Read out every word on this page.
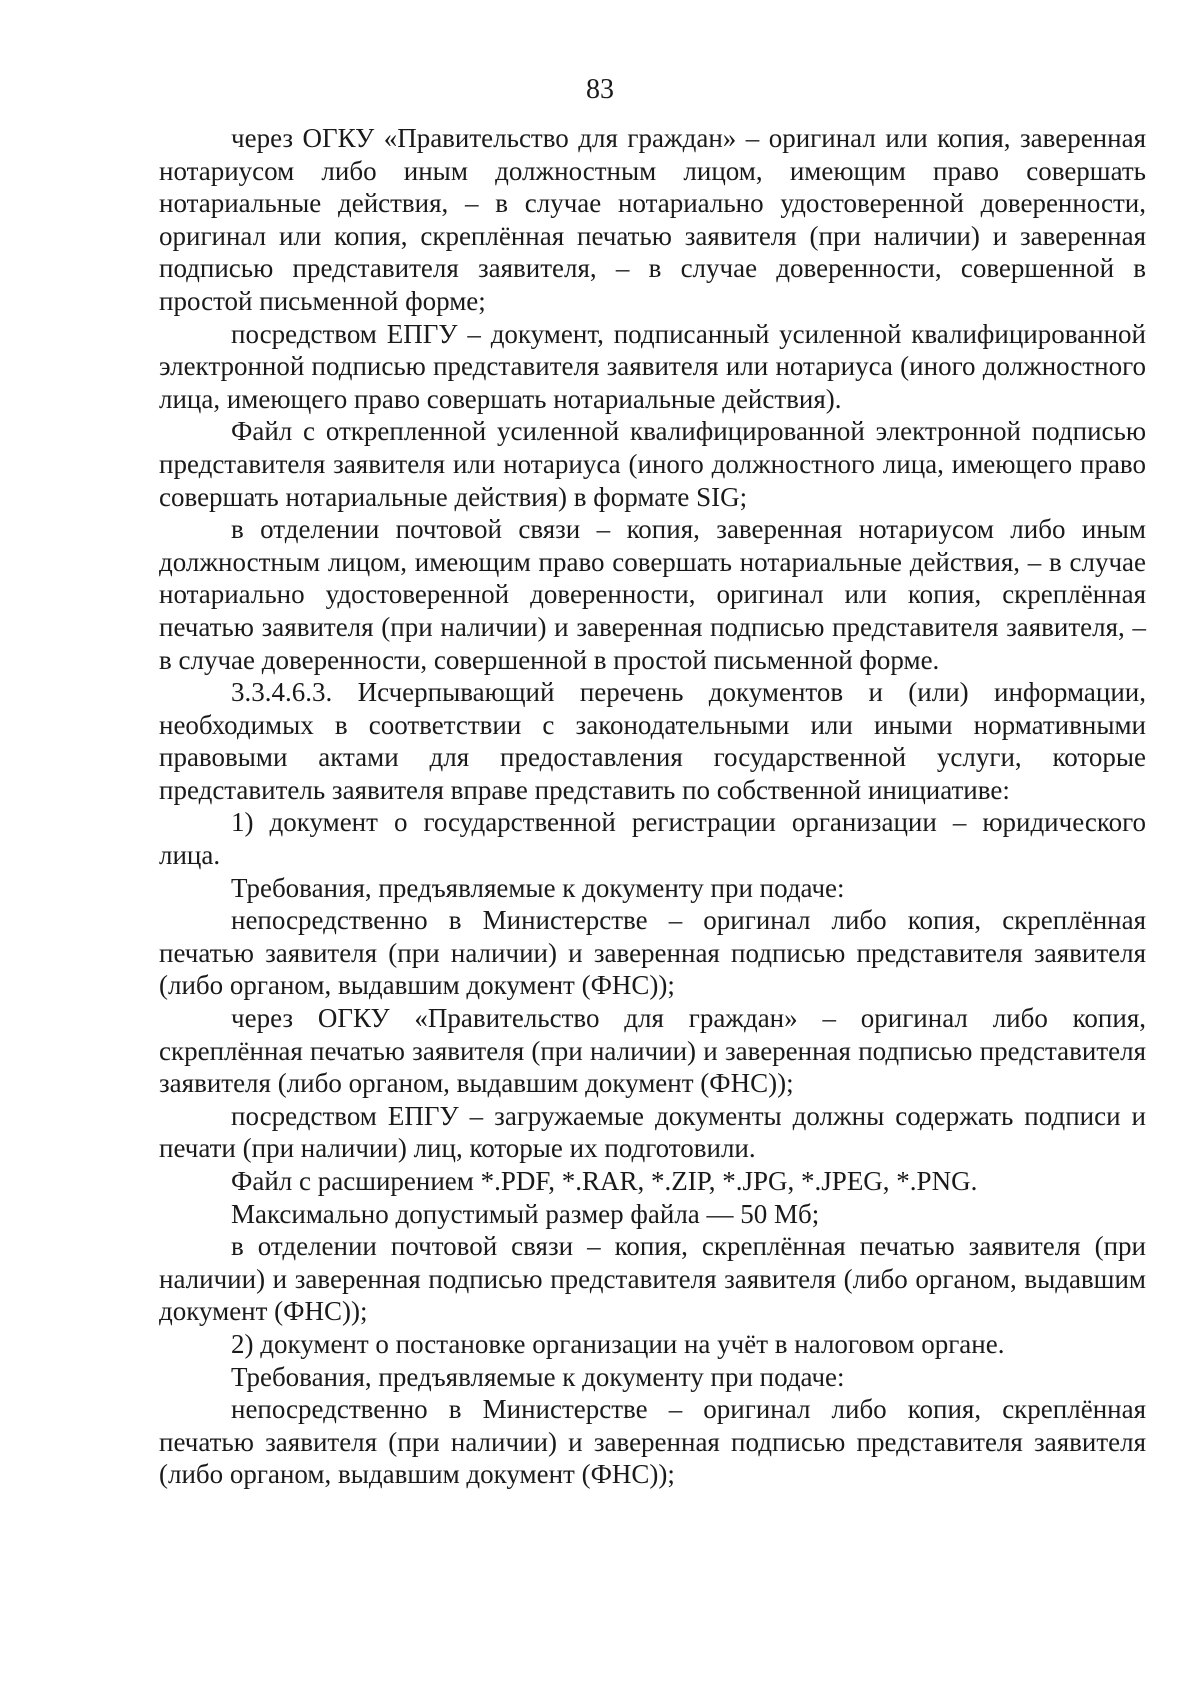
83

через ОГКУ «Правительство для граждан» – оригинал или копия, заверенная нотариусом либо иным должностным лицом, имеющим право совершать нотариальные действия, – в случае нотариально удостоверенной доверенности, оригинал или копия, скреплённая печатью заявителя (при наличии) и заверенная подписью представителя заявителя, – в случае доверенности, совершенной в простой письменной форме;

посредством ЕПГУ – документ, подписанный усиленной квалифицированной электронной подписью представителя заявителя или нотариуса (иного должностного лица, имеющего право совершать нотариальные действия).

Файл с открепленной усиленной квалифицированной электронной подписью представителя заявителя или нотариуса (иного должностного лица, имеющего право совершать нотариальные действия) в формате SIG;

в отделении почтовой связи – копия, заверенная нотариусом либо иным должностным лицом, имеющим право совершать нотариальные действия, – в случае нотариально удостоверенной доверенности, оригинал или копия, скреплённая печатью заявителя (при наличии) и заверенная подписью представителя заявителя, – в случае доверенности, совершенной в простой письменной форме.

3.3.4.6.3. Исчерпывающий перечень документов и (или) информации, необходимых в соответствии с законодательными или иными нормативными правовыми актами для предоставления государственной услуги, которые представитель заявителя вправе представить по собственной инициативе:

1) документ о государственной регистрации организации – юридического лица.

Требования, предъявляемые к документу при подаче:

непосредственно в Министерстве – оригинал либо копия, скреплённая печатью заявителя (при наличии) и заверенная подписью представителя заявителя (либо органом, выдавшим документ (ФНС));

через ОГКУ «Правительство для граждан» – оригинал либо копия, скреплённая печатью заявителя (при наличии) и заверенная подписью представителя заявителя (либо органом, выдавшим документ (ФНС));

посредством ЕПГУ – загружаемые документы должны содержать подписи и печати (при наличии) лиц, которые их подготовили.

Файл с расширением *.PDF, *.RAR, *.ZIP, *.JPG, *.JPEG, *.PNG.

Максимально допустимый размер файла — 50 Мб;

в отделении почтовой связи – копия, скреплённая печатью заявителя (при наличии) и заверенная подписью представителя заявителя (либо органом, выдавшим документ (ФНС));

2) документ о постановке организации на учёт в налоговом органе.

Требования, предъявляемые к документу при подаче:

непосредственно в Министерстве – оригинал либо копия, скреплённая печатью заявителя (при наличии) и заверенная подписью представителя заявителя (либо органом, выдавшим документ (ФНС));
